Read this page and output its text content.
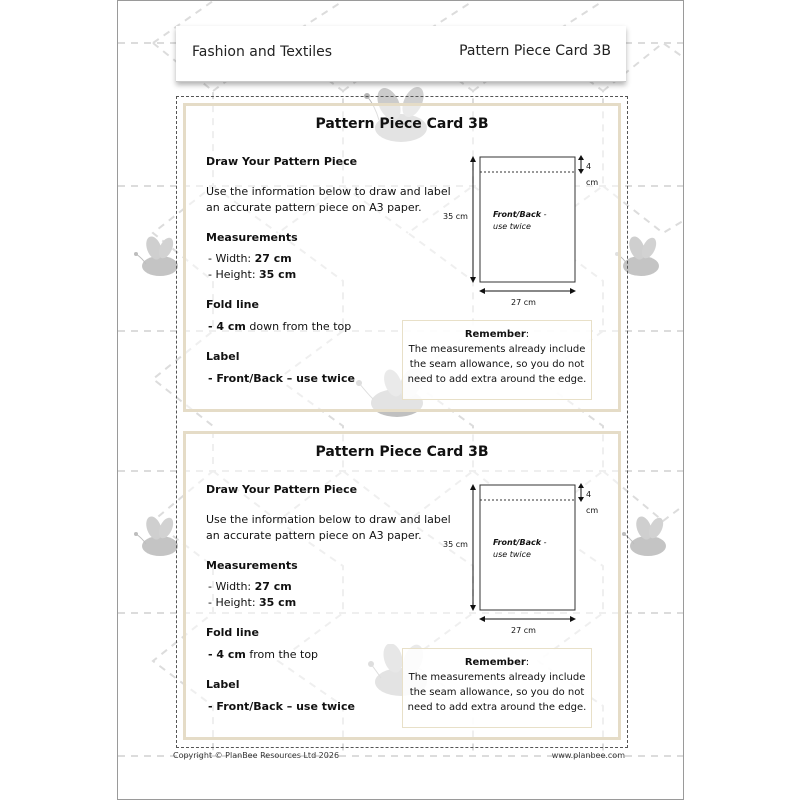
Fashion and Textiles	Pattern Piece Card 3B
Pattern Piece Card 3B
Draw Your Pattern Piece
Use the information below to draw and label
an accurate pattern piece on A3 paper.
Measurements
- Width: 27 cm
- Height: 35 cm
Fold line
- 4 cm down from the top
Label
- Front/Back – use twice
35 cm
27 cm
4 cm
Front/Back -
use twice
Remember:
The measurements already include
the seam allowance, so you do not
need to add extra around the edge.
Pattern Piece Card 3B
Draw Your Pattern Piece
Use the information below to draw and label
an accurate pattern piece on A3 paper.
Measurements
- Width: 27 cm
- Height: 35 cm
Fold line
- 4 cm from the top
Label
- Front/Back – use twice
35 cm
27 cm
4 cm
Front/Back -
use twice
Remember:
The measurements already include
the seam allowance, so you do not
need to add extra around the edge.
Copyright © PlanBee Resources Ltd 2026	www.planbee.com
